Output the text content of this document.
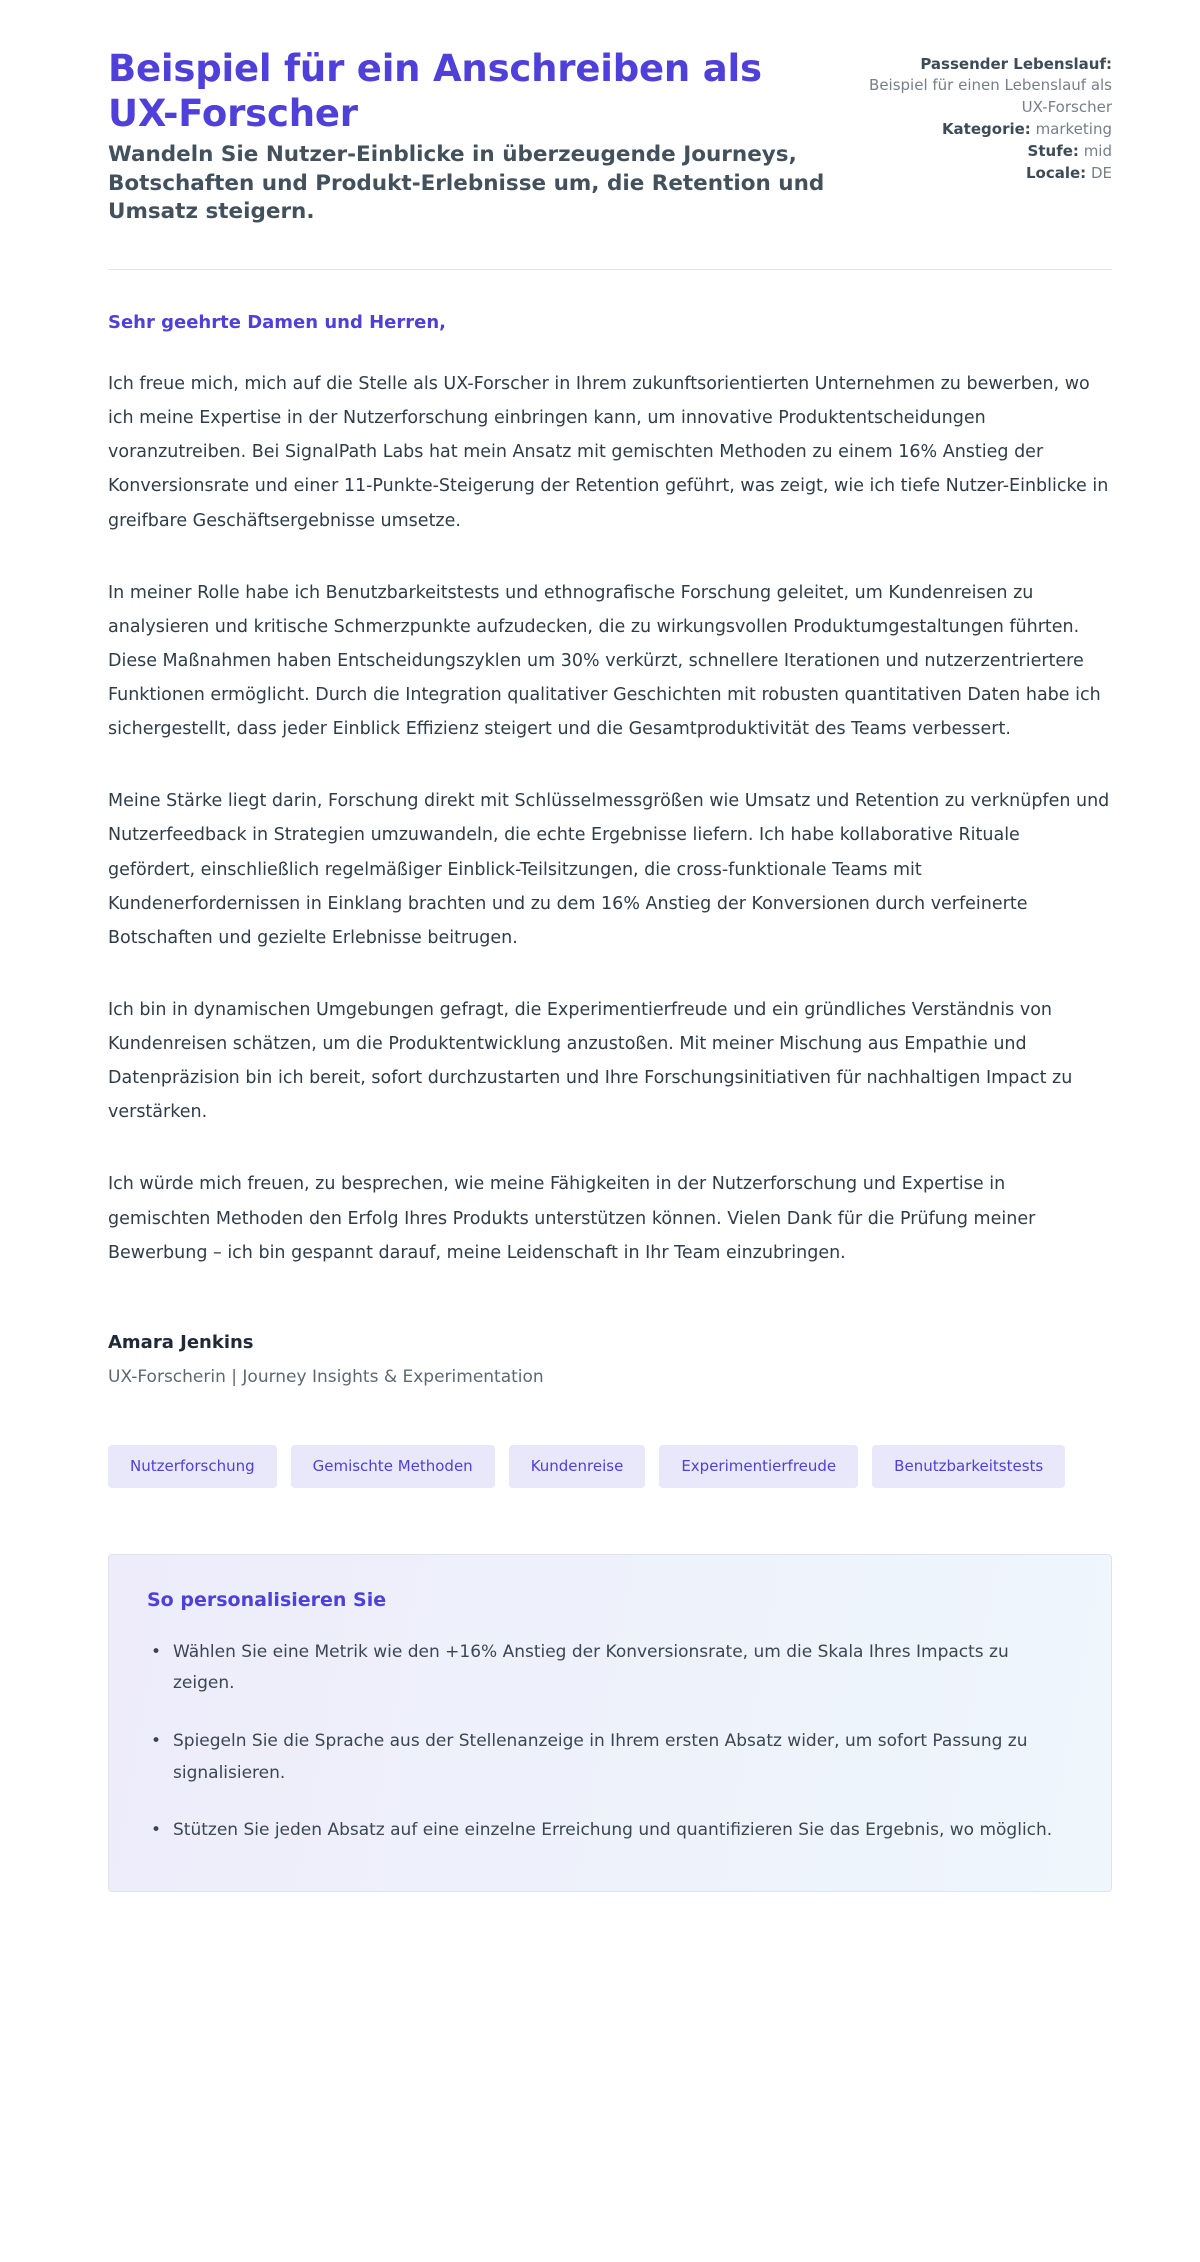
Beispiel für ein Anschreiben als UX-Forscher

Wandeln Sie Nutzer-Einblicke in überzeugende Journeys, Botschaften und Produkt-Erlebnisse um, die Retention und Umsatz steigern.

Passender Lebenslauf: Beispiel für einen Lebenslauf als UX-Forscher
Kategorie: marketing
Stufe: mid
Locale: DE

Sehr geehrte Damen und Herren,

Ich freue mich, mich auf die Stelle als UX-Forscher in Ihrem zukunftsorientierten Unternehmen zu bewerben, wo ich meine Expertise in der Nutzerforschung einbringen kann, um innovative Produktentscheidungen voranzutreiben. Bei SignalPath Labs hat mein Ansatz mit gemischten Methoden zu einem 16% Anstieg der Konversionsrate und einer 11-Punkte-Steigerung der Retention geführt, was zeigt, wie ich tiefe Nutzer-Einblicke in greifbare Geschäftsergebnisse umsetze.

In meiner Rolle habe ich Benutzbarkeitstests und ethnografische Forschung geleitet, um Kundenreisen zu analysieren und kritische Schmerzpunkte aufzudecken, die zu wirkungsvollen Produktumgestaltungen führten. Diese Maßnahmen haben Entscheidungszyklen um 30% verkürzt, schnellere Iterationen und nutzerzentriertere Funktionen ermöglicht. Durch die Integration qualitativer Geschichten mit robusten quantitativen Daten habe ich sichergestellt, dass jeder Einblick Effizienz steigert und die Gesamtproduktivität des Teams verbessert.

Meine Stärke liegt darin, Forschung direkt mit Schlüsselmessgrößen wie Umsatz und Retention zu verknüpfen und Nutzerfeedback in Strategien umzuwandeln, die echte Ergebnisse liefern. Ich habe kollaborative Rituale gefördert, einschließlich regelmäßiger Einblick-Teilsitzungen, die cross-funktionale Teams mit Kundenerfordernissen in Einklang brachten und zu dem 16% Anstieg der Konversionen durch verfeinerte Botschaften und gezielte Erlebnisse beitrugen.

Ich bin in dynamischen Umgebungen gefragt, die Experimentierfreude und ein gründliches Verständnis von Kundenreisen schätzen, um die Produktentwicklung anzustoßen. Mit meiner Mischung aus Empathie und Datenpräzision bin ich bereit, sofort durchzustarten und Ihre Forschungsinitiativen für nachhaltigen Impact zu verstärken.

Ich würde mich freuen, zu besprechen, wie meine Fähigkeiten in der Nutzerforschung und Expertise in gemischten Methoden den Erfolg Ihres Produkts unterstützen können. Vielen Dank für die Prüfung meiner Bewerbung – ich bin gespannt darauf, meine Leidenschaft in Ihr Team einzubringen.

Amara Jenkins

UX-Forscherin | Journey Insights & Experimentation

Nutzerforschung	Gemischte Methoden	Kundenreise	Experimentierfreude	Benutzbarkeitstests
So personalisieren Sie
• Wählen Sie eine Metrik wie den +16% Anstieg der Konversionsrate, um die Skala Ihres Impacts zu zeigen.
• Spiegeln Sie die Sprache aus der Stellenanzeige in Ihrem ersten Absatz wider, um sofort Passung zu signalisieren.
• Stützen Sie jeden Absatz auf eine einzelne Erreichung und quantifizieren Sie das Ergebnis, wo möglich.
